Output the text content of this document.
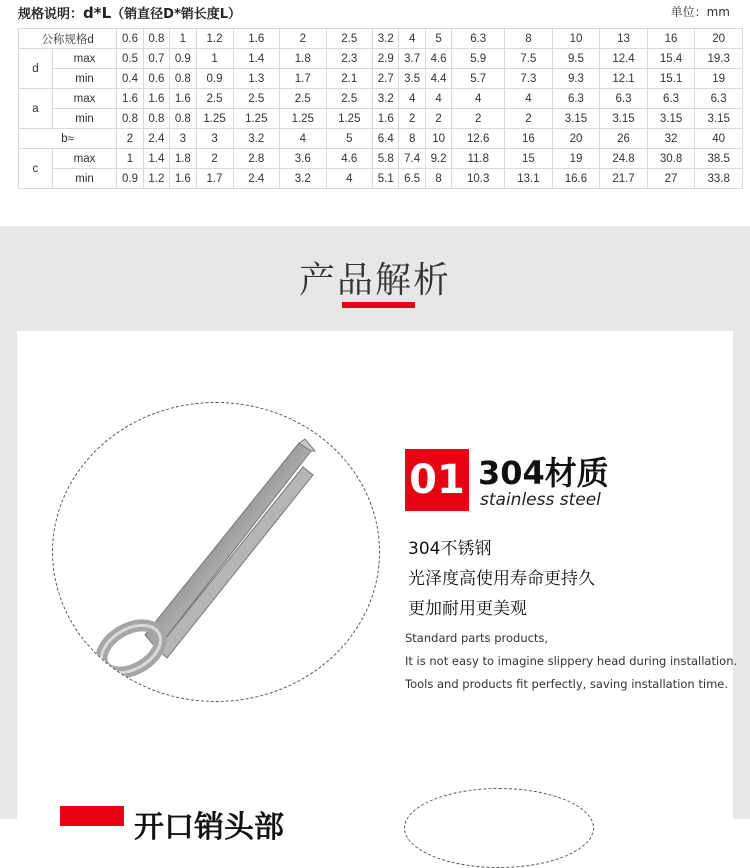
规格说明：d*L（销直径D*销长度L）	单位：mm
公称规格d		0.6	0.8	1	1.2	1.6	2	2.5	3.2	4	5	6.3	8	10	13	16	20
d	max	0.5	0.7	0.9	1	1.4	1.8	2.3	2.9	3.7	4.6	5.9	7.5	9.5	12.4	15.4	19.3
	min	0.4	0.6	0.8	0.9	1.3	1.7	2.1	2.7	3.5	4.4	5.7	7.3	9.3	12.1	15.1	19
a	max	1.6	1.6	1.6	2.5	2.5	2.5	2.5	3.2	4	4	4	4	6.3	6.3	6.3	6.3
	min	0.8	0.8	0.8	1.25	1.25	1.25	1.25	1.6	2	2	2	2	3.15	3.15	3.15	3.15
b≈		2	2.4	3	3	3.2	4	5	6.4	8	10	12.6	16	20	26	32	40
c	max	1	1.4	1.8	2	2.8	3.6	4.6	5.8	7.4	9.2	11.8	15	19	24.8	30.8	38.5
	min	0.9	1.2	1.6	1.7	2.4	3.2	4	5.1	6.5	8	10.3	13.1	16.6	21.7	27	33.8
产品解析
01 304材质
stainless steel
304不锈钢
光泽度高使用寿命更持久
更加耐用更美观
Standard parts products,
It is not easy to imagine slippery head during installation.
Tools and products fit perfectly, saving installation time.
开口销头部
